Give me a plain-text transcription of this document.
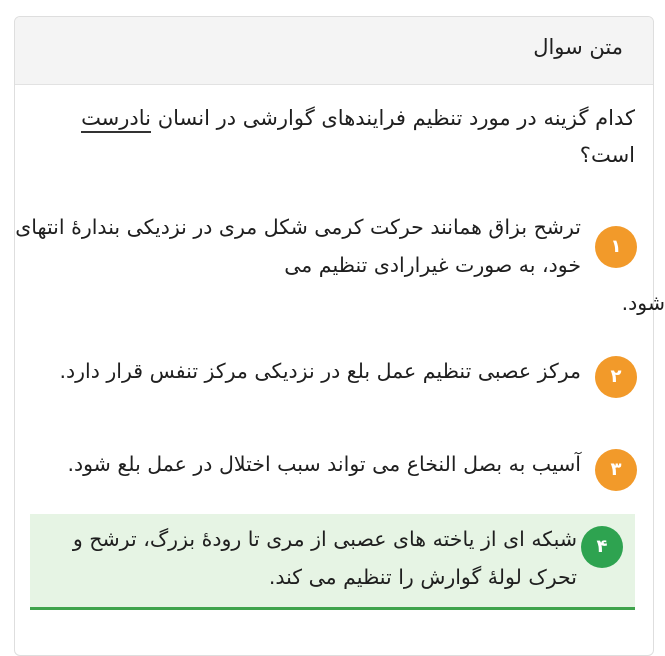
متن سوال
کدام گزینه در مورد تنظیم فرایندهای گوارشی در انسان نادرست است؟
۱
ترشح بزاق همانند حرکت کرمی شکل مری در نزدیکی بندارهٔ انتهای خود، به صورت غیرارادی تنظیم می
شود.
۲
مرکز عصبی تنظیم عمل بلع در نزدیکی مرکز تنفس قرار دارد.
۳
آسیب به بصل النخاع می تواند سبب اختلال در عمل بلع شود.
۴
شبکه ای از یاخته های عصبی از مری تا رودهٔ بزرگ، ترشح و تحرک لولهٔ گوارش را تنظیم می کند.
